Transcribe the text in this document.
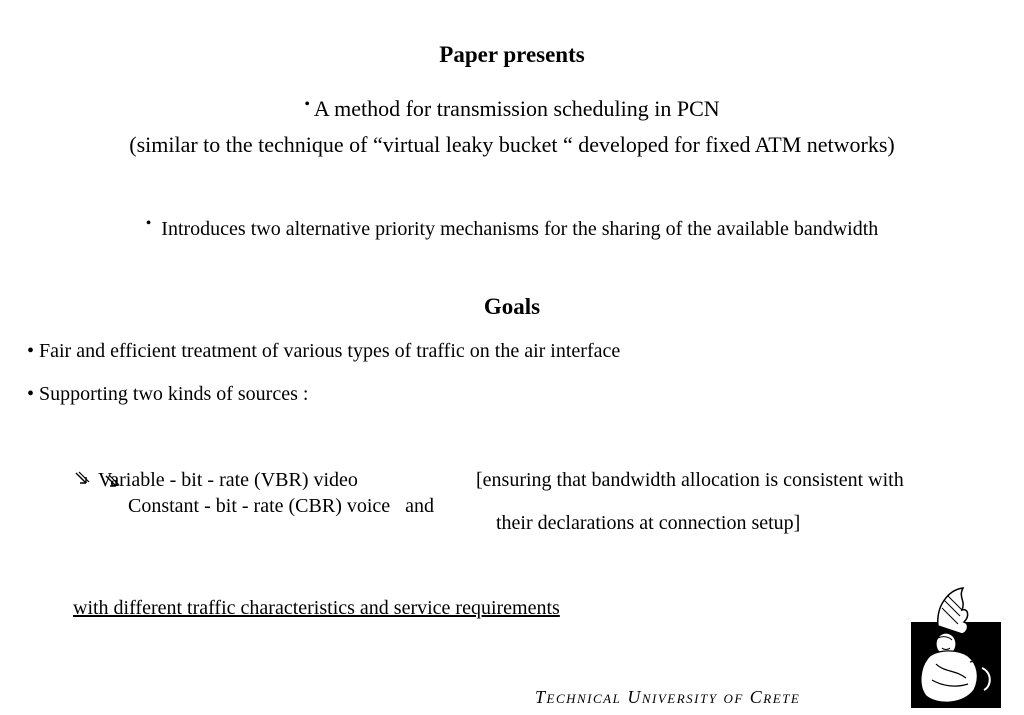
Paper presents
• A method for transmission scheduling in PCN
(similar to the technique of “virtual leaky bucket “ developed for fixed ATM networks)
• Introduces two alternative priority mechanisms for the sharing of the available bandwidth
Goals
• Fair and efficient treatment of various types of traffic on the air interface
• Supporting two kinds of sources :

Constant - bit - rate (CBR) voice   and

Variable - bit - rate (VBR) video	[ensuring that bandwidth allocation is consistent with
their declarations at connection setup]
with different traffic characteristics and service requirements
Technical University of Crete
